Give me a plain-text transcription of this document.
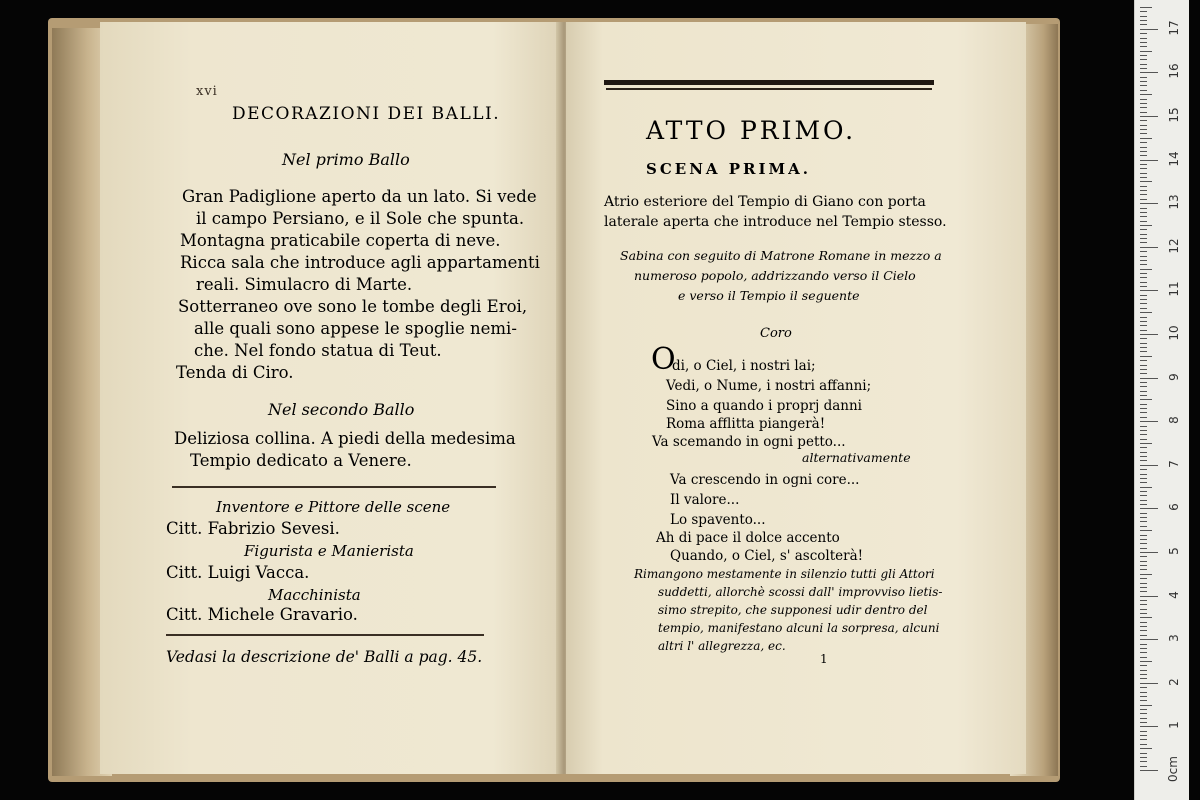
xvi
DECORAZIONI DEI BALLI.
Nel primo Ballo
Gran Padiglione aperto da un lato. Si vede
il campo Persiano, e il Sole che spunta.
Montagna praticabile coperta di neve.
Ricca sala che introduce agli appartamenti
reali. Simulacro di Marte.
Sotterraneo ove sono le tombe degli Eroi,
alle quali sono appese le spoglie nemi-
che. Nel fondo statua di Teut.
Tenda di Ciro.
Nel secondo Ballo
Deliziosa collina. A piedi della medesima
Tempio dedicato a Venere.
Inventore e Pittore delle scene
Citt. Fabrizio Sevesi.
Figurista e Manierista
Citt. Luigi Vacca.
Macchinista
Citt. Michele Gravario.
Vedasi la descrizione de' Balli a pag. 45.
ATTO PRIMO.
SCENA PRIMA.
Atrio esteriore del Tempio di Giano con porta
laterale aperta che introduce nel Tempio stesso.
Sabina con seguito di Matrone Romane in mezzo a
numeroso popolo, addrizzando verso il Cielo
e verso il Tempio il seguente
Coro
O
di, o Ciel, i nostri lai;
Vedi, o Nume, i nostri affanni;
Sino a quando i proprj danni
Roma afflitta piangerà!
Va scemando in ogni petto...
alternativamente
Va crescendo in ogni core...
Il valore...
Lo spavento...
Ah di pace il dolce accento
Quando, o Ciel, s' ascolterà!
Rimangono mestamente in silenzio tutti gli Attori
suddetti, allorchè scossi dall' improvviso lietis-
simo strepito, che supponesi udir dentro del
tempio, manifestano alcuni la sorpresa, alcuni
altri l' allegrezza, ec.
1
0cm
1
2
3
4
5
6
7
8
9
10
11
12
13
14
15
16
17
